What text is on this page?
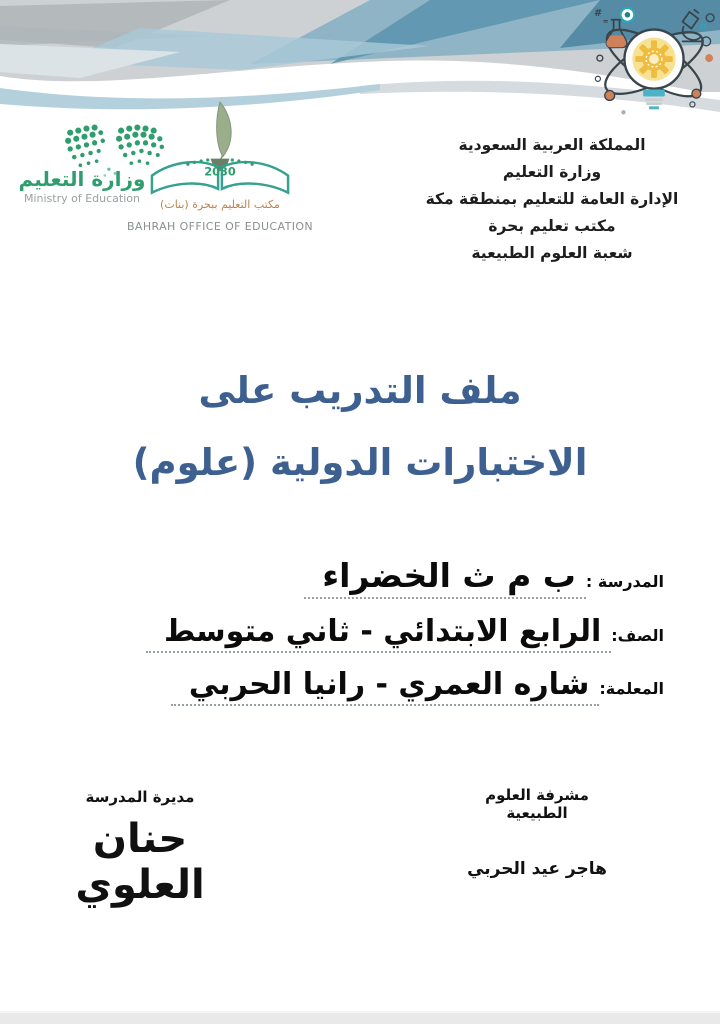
#
=
وزارة التعليم
Ministry of Education
2030
مكتب التعليم ببحرة (بنات)
BAHRAH OFFICE OF EDUCATION
المملكة العربية السعودية
وزارة التعليم
الإدارة العامة للتعليم بمنطقة مكة
مكتب تعليم بحرة
شعبة العلوم الطبيعية
ملف التدريب على
الاختبارات الدولية (علوم)
المدرسة :
ب م ث الخضراء
الصف:
الرابع الابتدائي - ثاني متوسط
المعلمة:
شاره العمري - رانيا الحربي
مشرفة العلوم الطبيعية
هاجر عيد الحربي
مديرة المدرسة
حنان العلوي
